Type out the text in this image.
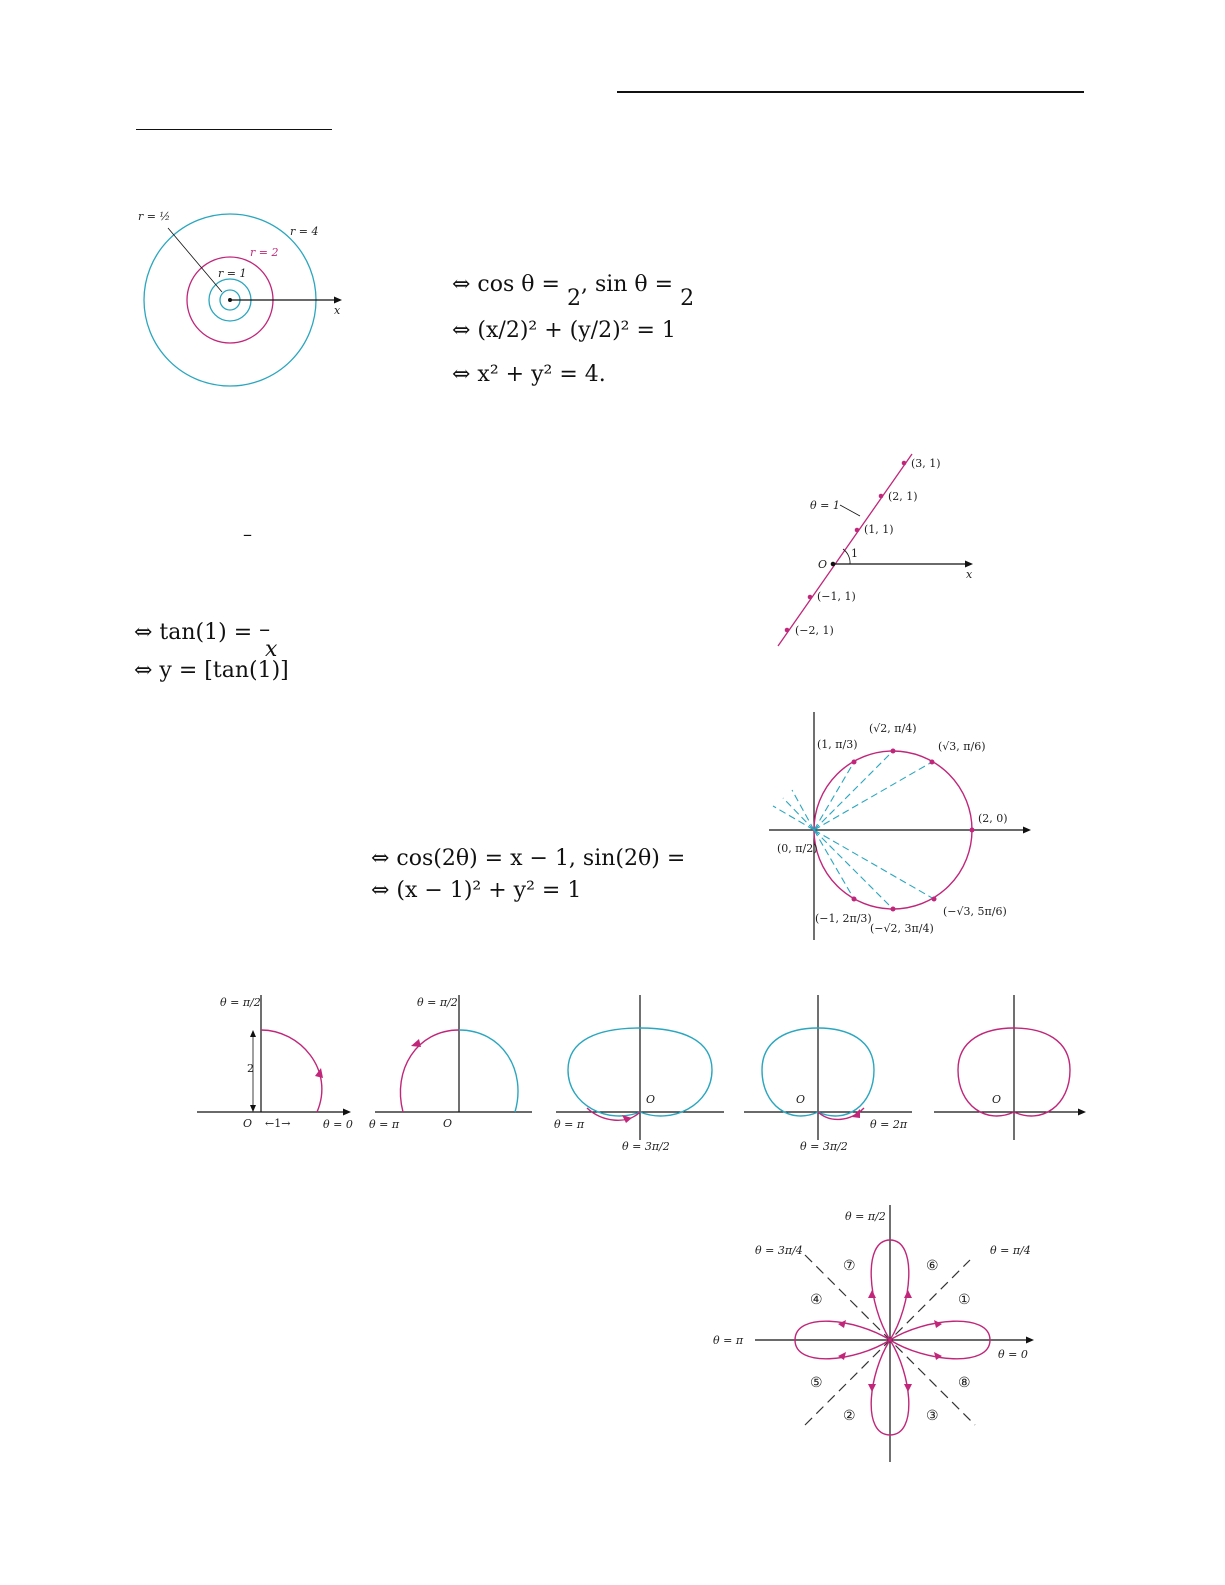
r = ½
r = 4
r = 2
r = 1
x
⇔ cos θ = 2, sin θ = 2
⇔ (x/2)² + (y/2)² = 1
⇔ x² + y² = 4.
(3, 1)
(2, 1)
θ = 1
(1, 1)
1
O
x
(−1, 1)
(−2, 1)
–
⇔ tan(1) = –
x
⇔ y = [tan(1)]
(1, π/3)
(√2, π/4)
(√3, π/6)
(2, 0)
(0, π/2)
(−1, 2π/3)
(−√2, 3π/4)
(−√3, 5π/6)
⇔ cos(2θ) = x − 1, sin(2θ) =
⇔ (x − 1)² + y² = 1
θ = π/2
2
O ←1→	θ = 0
θ = π/2
θ = π	O
O
θ = π
θ = 3π/2
O
θ = 2π
θ = 3π/2
O
θ = π/2
θ = 3π/4	θ = π/4
θ = π
θ = 0
①
②	③
④
⑤
⑥
⑦
⑧
